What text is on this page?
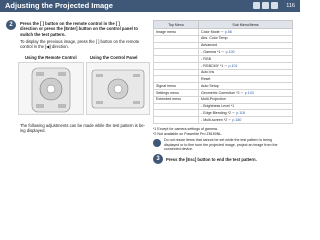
Adjusting the Projected Image	116
2	Press the [ ] button on the remote control in the [ ]
direction or press the [Enter] button on the control panel to
switch the test pattern.
To display the previous image, press the [ ] button on the remote
control in the [◀] direction.
Using the Remote Control	Using the Control Panel
The following adjustments can be made while the test pattern is be-
ing displayed.
Top Menu	Sub Menu/Items
Image menu	Color Mode ☞ p.58
	Abs. Color Temp.
	Advanced
	- Gamma *1 ☞ p.100
	- RGB
	- RGBCMY *1 ☞ p.101
	Auto Iris
	Reset
Signal menu	Auto Setup
Settings menu	Geometric Correction *2 ☞ p.103
Extended menu	Multi-Projection
	- Brightness Level *1
	- Edge Blending *2 ☞ p.118
	- Multi-screen *2 ☞ p.180
*1 Except for camera settings of gamma.
*2 Not available on Powerlite Pro Z8150NL.
Do not resize items that cannot be set while the test pattern is being
displayed or to fine tune the projected image, project an image from the
connected device.
3	Press the [Esc] button to end the test pattern.
